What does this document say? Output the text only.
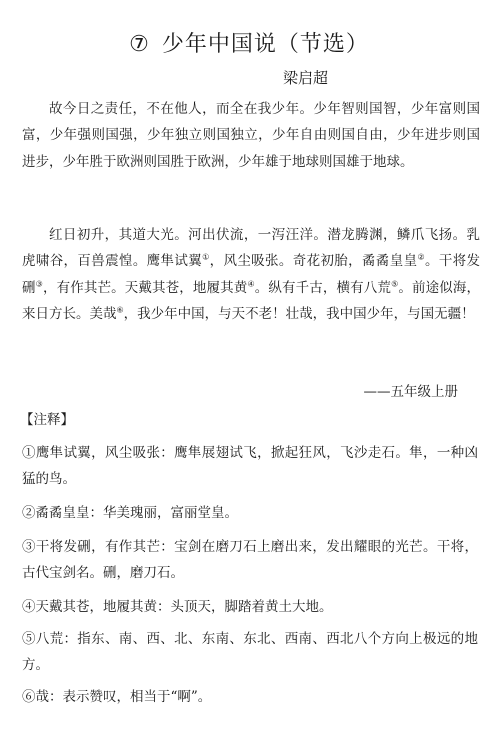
⑦ 少年中国说（节选）
梁启超

故今日之责任，不在他人，而全在我少年。少年智则国智，少年富则国富，少年强则国强，少年独立则国独立，少年自由则国自由，少年进步则国进步，少年胜于欧洲则国胜于欧洲，少年雄于地球则国雄于地球。

红日初升，其道大光。河出伏流，一泻汪洋。潜龙腾渊，鳞爪飞扬。乳虎啸谷，百兽震惶。鹰隼试翼①，风尘吸张。奇花初胎，矞矞皇皇②。干将发硎③，有作其芒。天戴其苍，地履其黄④。纵有千古，横有八荒⑤。前途似海，来日方长。美哉⑥，我少年中国，与天不老！壮哉，我中国少年，与国无疆！

——五年级上册
【注释】

①鹰隼试翼，风尘吸张：鹰隼展翅试飞，掀起狂风，飞沙走石。隼，一种凶猛的鸟。

②矞矞皇皇：华美瑰丽，富丽堂皇。

③干将发硎，有作其芒：宝剑在磨刀石上磨出来，发出耀眼的光芒。干将，古代宝剑名。硎，磨刀石。

④天戴其苍，地履其黄：头顶天，脚踏着黄土大地。

⑤八荒：指东、南、西、北、东南、东北、西南、西北八个方向上极远的地方。

⑥哉：表示赞叹，相当于“啊”。
